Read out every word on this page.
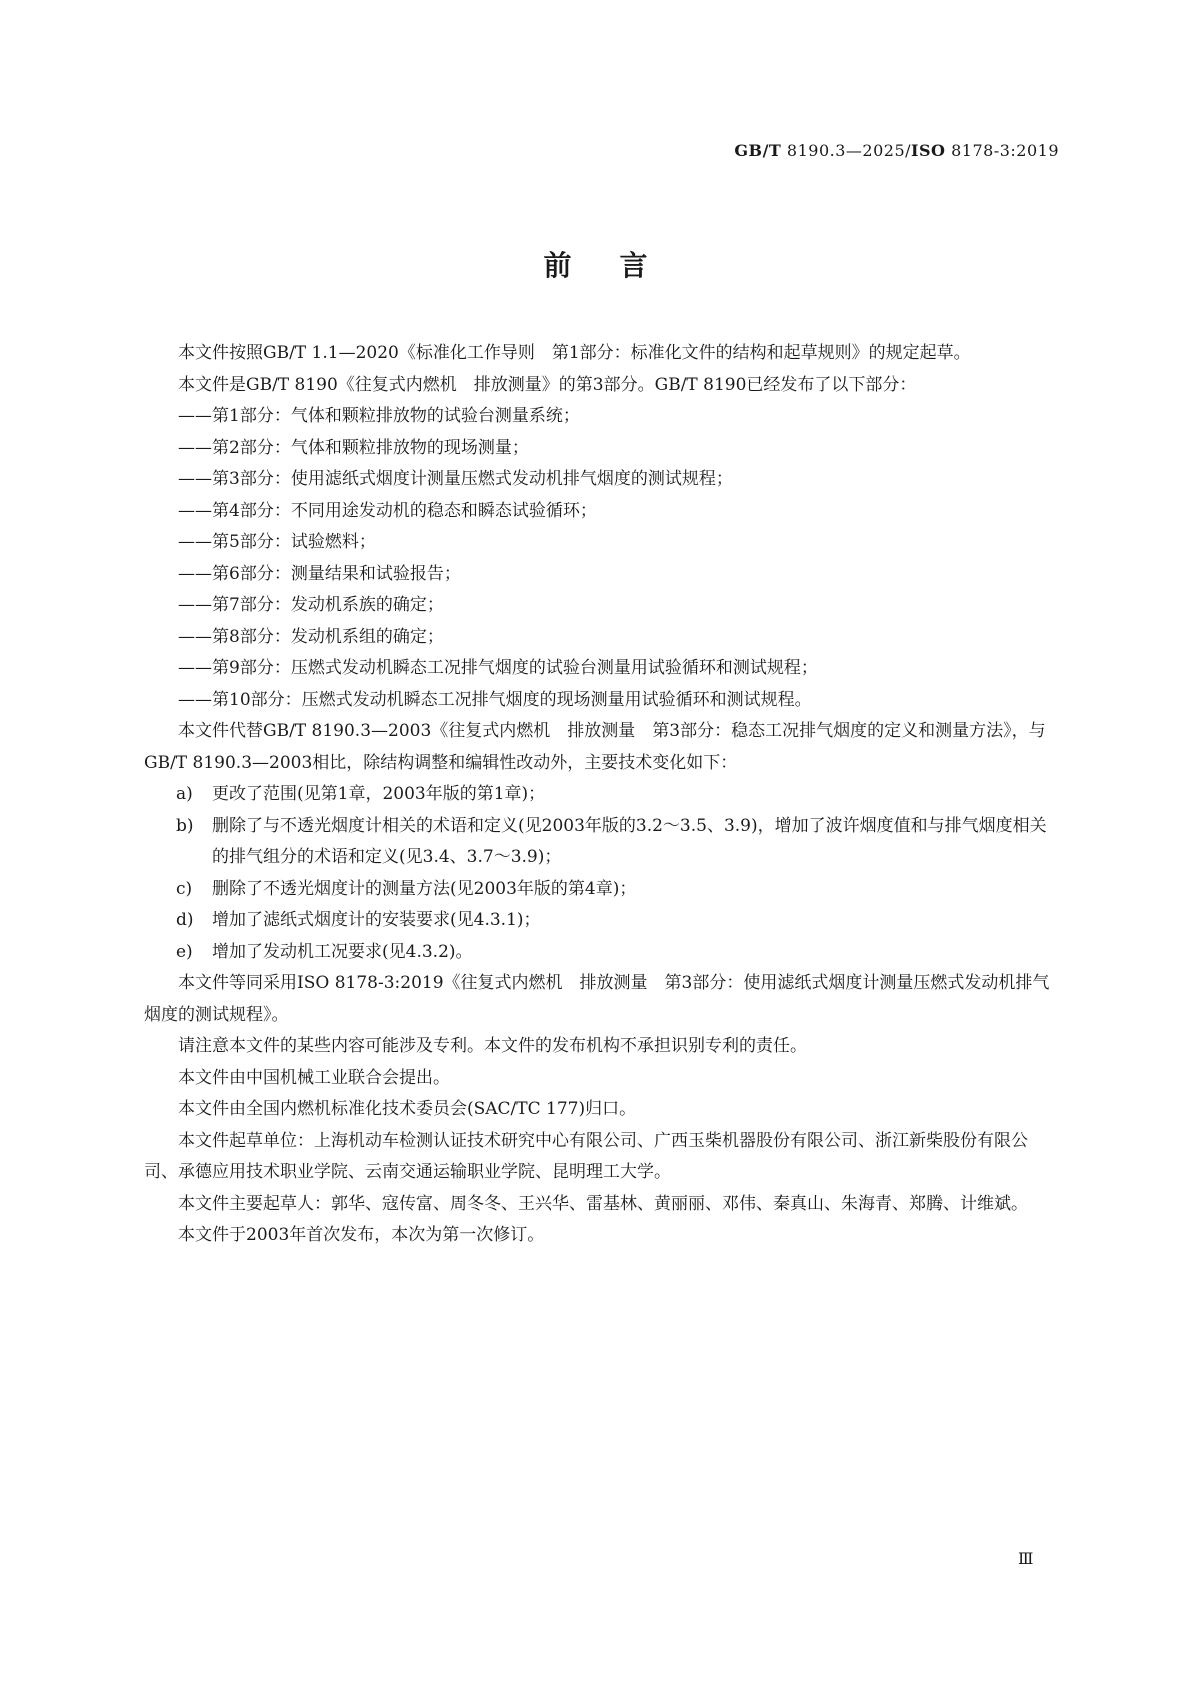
GB/T 8190.3—2025/ISO 8178-3:2019
前言

本文件按照GB/T 1.1—2020《标准化工作导则　第1部分：标准化文件的结构和起草规则》的规定起草。

本文件是GB/T 8190《往复式内燃机　排放测量》的第3部分。GB/T 8190已经发布了以下部分：

——第1部分：气体和颗粒排放物的试验台测量系统；

——第2部分：气体和颗粒排放物的现场测量；

——第3部分：使用滤纸式烟度计测量压燃式发动机排气烟度的测试规程；

——第4部分：不同用途发动机的稳态和瞬态试验循环；

——第5部分：试验燃料；

——第6部分：测量结果和试验报告；

——第7部分：发动机系族的确定；

——第8部分：发动机系组的确定；

——第9部分：压燃式发动机瞬态工况排气烟度的试验台测量用试验循环和测试规程；

——第10部分：压燃式发动机瞬态工况排气烟度的现场测量用试验循环和测试规程。

本文件代替GB/T 8190.3—2003《往复式内燃机　排放测量　第3部分：稳态工况排气烟度的定义和测量方法》，与GB/T 8190.3—2003相比，除结构调整和编辑性改动外，主要技术变化如下：

a) 更改了范围(见第1章，2003年版的第1章)；

b) 删除了与不透光烟度计相关的术语和定义(见2003年版的3.2～3.5、3.9)，增加了波许烟度值和与排气烟度相关的排气组分的术语和定义(见3.4、3.7～3.9)；

c) 删除了不透光烟度计的测量方法(见2003年版的第4章)；

d) 增加了滤纸式烟度计的安装要求(见4.3.1)；

e) 增加了发动机工况要求(见4.3.2)。

本文件等同采用ISO 8178-3:2019《往复式内燃机　排放测量　第3部分：使用滤纸式烟度计测量压燃式发动机排气烟度的测试规程》。

请注意本文件的某些内容可能涉及专利。本文件的发布机构不承担识别专利的责任。

本文件由中国机械工业联合会提出。

本文件由全国内燃机标准化技术委员会(SAC/TC 177)归口。

本文件起草单位：上海机动车检测认证技术研究中心有限公司、广西玉柴机器股份有限公司、浙江新柴股份有限公司、承德应用技术职业学院、云南交通运输职业学院、昆明理工大学。

本文件主要起草人：郭华、寇传富、周冬冬、王兴华、雷基林、黄丽丽、邓伟、秦真山、朱海青、郑腾、计维斌。

本文件于2003年首次发布，本次为第一次修订。

Ⅲ
